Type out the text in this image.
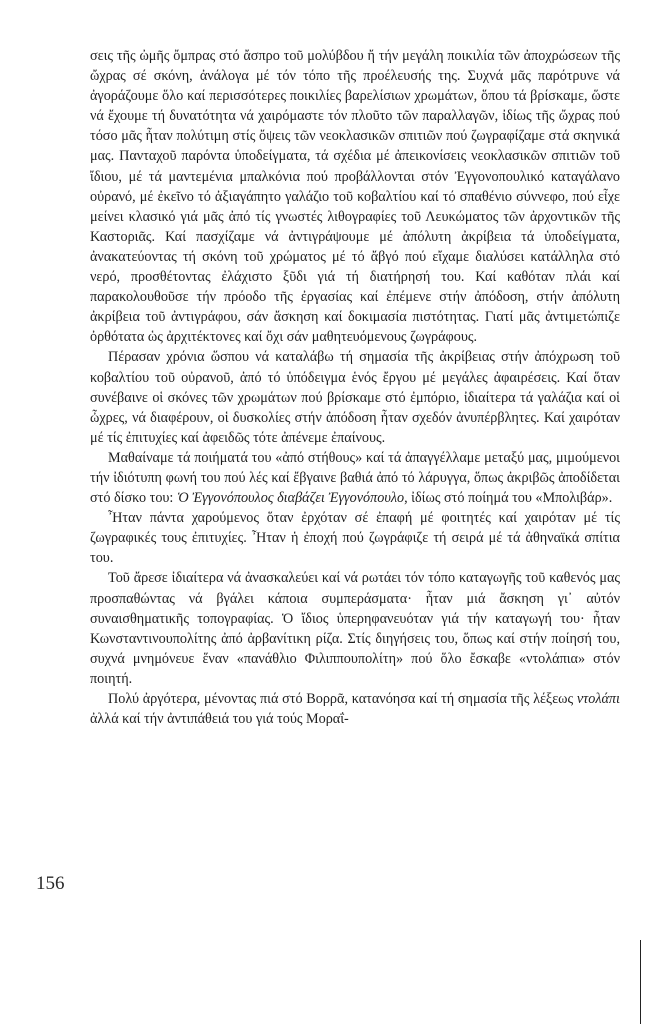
σεις τῆς ὠμῆς ὄμπρας στό ἄσπρο τοῦ μολύβδου ἤ τήν μεγάλη ποικιλία τῶν ἀποχρώσεων τῆς ὤχρας σέ σκόνη, ἀνάλογα μέ τόν τόπο τῆς προέλευσής της. Συχνά μᾶς παρότρυνε νά ἀγοράζουμε ὅλο καί περισσότερες ποικιλίες βαρελίσιων χρωμάτων, ὅπου τά βρίσκαμε, ὥστε νά ἔχουμε τή δυνατότητα νά χαιρόμαστε τόν πλοῦτο τῶν παραλλαγῶν, ἰδίως τῆς ὤχρας πού τόσο μᾶς ἦταν πολύτιμη στίς ὄψεις τῶν νεοκλασικῶν σπιτιῶν πού ζωγραφίζαμε στά σκηνικά μας. Πανταχοῦ παρόντα ὑποδείγματα, τά σχέδια μέ ἀπεικονίσεις νεοκλασικῶν σπιτιῶν τοῦ ἴδιου, μέ τά μαντεμένια μπαλκόνια πού προβάλλονται στόν Ἐγγονοπουλικό καταγάλανο οὐρανό, μέ ἐκεῖνο τό ἀξιαγάπητο γαλάζιο τοῦ κοβαλτίου καί τό σπαθένιο σύννεφο, πού εἶχε μείνει κλασικό γιά μᾶς ἀπό τίς γνωστές λιθογραφίες τοῦ Λευκώματος τῶν ἀρχοντικῶν τῆς Καστοριᾶς. Καί πασχίζαμε νά ἀντιγράψουμε μέ ἀπόλυτη ἀκρίβεια τά ὑποδείγματα, ἀνακατεύοντας τή σκόνη τοῦ χρώματος μέ τό ἄβγό πού εἴχαμε διαλύσει κατάλληλα στό νερό, προσθέτοντας ἐλάχιστο ξῦδι γιά τή διατήρησή του. Καί καθόταν πλάι καί παρακολουθοῦσε τήν πρόοδο τῆς ἐργασίας καί ἐπέμενε στήν ἀπόδοση, στήν ἀπόλυτη ἀκρίβεια τοῦ ἀντιγράφου, σάν ἄσκηση καί δοκιμασία πιστότητας. Γιατί μᾶς ἀντιμετώπιζε ὀρθότατα ὡς ἀρχιτέκτονες καί ὄχι σάν μαθητευόμενους ζωγράφους.

Πέρασαν χρόνια ὥσπου νά καταλάβω τή σημασία τῆς ἀκρίβειας στήν ἀπόχρωση τοῦ κοβαλτίου τοῦ οὐρανοῦ, ἀπό τό ὑπόδειγμα ἑνός ἔργου μέ μεγάλες ἀφαιρέσεις. Καί ὅταν συνέβαινε οἱ σκόνες τῶν χρωμάτων πού βρίσκαμε στό ἐμπόριο, ἰδιαίτερα τά γαλάζια καί οἱ ὦχρες, νά διαφέρουν, οἱ δυσκολίες στήν ἀπόδοση ἦταν σχεδόν ἀνυπέρβλητες. Καί χαιρόταν μέ τίς ἐπιτυχίες καί ἀφειδῶς τότε ἀπένεμε ἐπαίνους.

Μαθαίναμε τά ποιήματά του «ἀπό στήθους» καί τά ἀπαγγέλλαμε μεταξύ μας, μιμούμενοι τήν ἰδιότυπη φωνή του πού λές καί ἔβγαινε βαθιά ἀπό τό λάρυγγα, ὅπως ἀκριβῶς ἀποδίδεται στό δίσκο του: Ὁ Ἐγγονόπουλος διαβάζει Ἐγγονόπουλο, ἰδίως στό ποίημά του «Μπολιβάρ».

Ἦταν πάντα χαρούμενος ὅταν ἐρχόταν σέ ἐπαφή μέ φοιτητές καί χαιρόταν μέ τίς ζωγραφικές τους ἐπιτυχίες. Ἦταν ἡ ἐποχή πού ζωγράφιζε τή σειρά μέ τά ἀθηναϊκά σπίτια του.

Τοῦ ἄρεσε ἰδιαίτερα νά ἀνασκαλεύει καί νά ρωτάει τόν τόπο καταγωγῆς τοῦ καθενός μας προσπαθώντας νά βγάλει κάποια συμπεράσματα· ἦταν μιά ἄσκηση γι᾽ αὐτόν συναισθηματικῆς τοπογραφίας. Ὁ ἴδιος ὑπερηφανευόταν γιά τήν καταγωγή του· ἦταν Κωνσταντινουπολίτης ἀπό ἀρβανίτικη ρίζα. Στίς διηγήσεις του, ὅπως καί στήν ποίησή του, συχνά μνημόνευε ἕναν «πανάθλιο Φιλιππουπολίτη» πού ὅλο ἔσκαβε «ντολάπια» στόν ποιητή.

Πολύ ἀργότερα, μένοντας πιά στό Βορρᾶ, κατανόησα καί τή σημασία τῆς λέξεως ντολάπι ἀλλά καί τήν ἀντιπάθειά του γιά τούς Μοραΐ-

156
